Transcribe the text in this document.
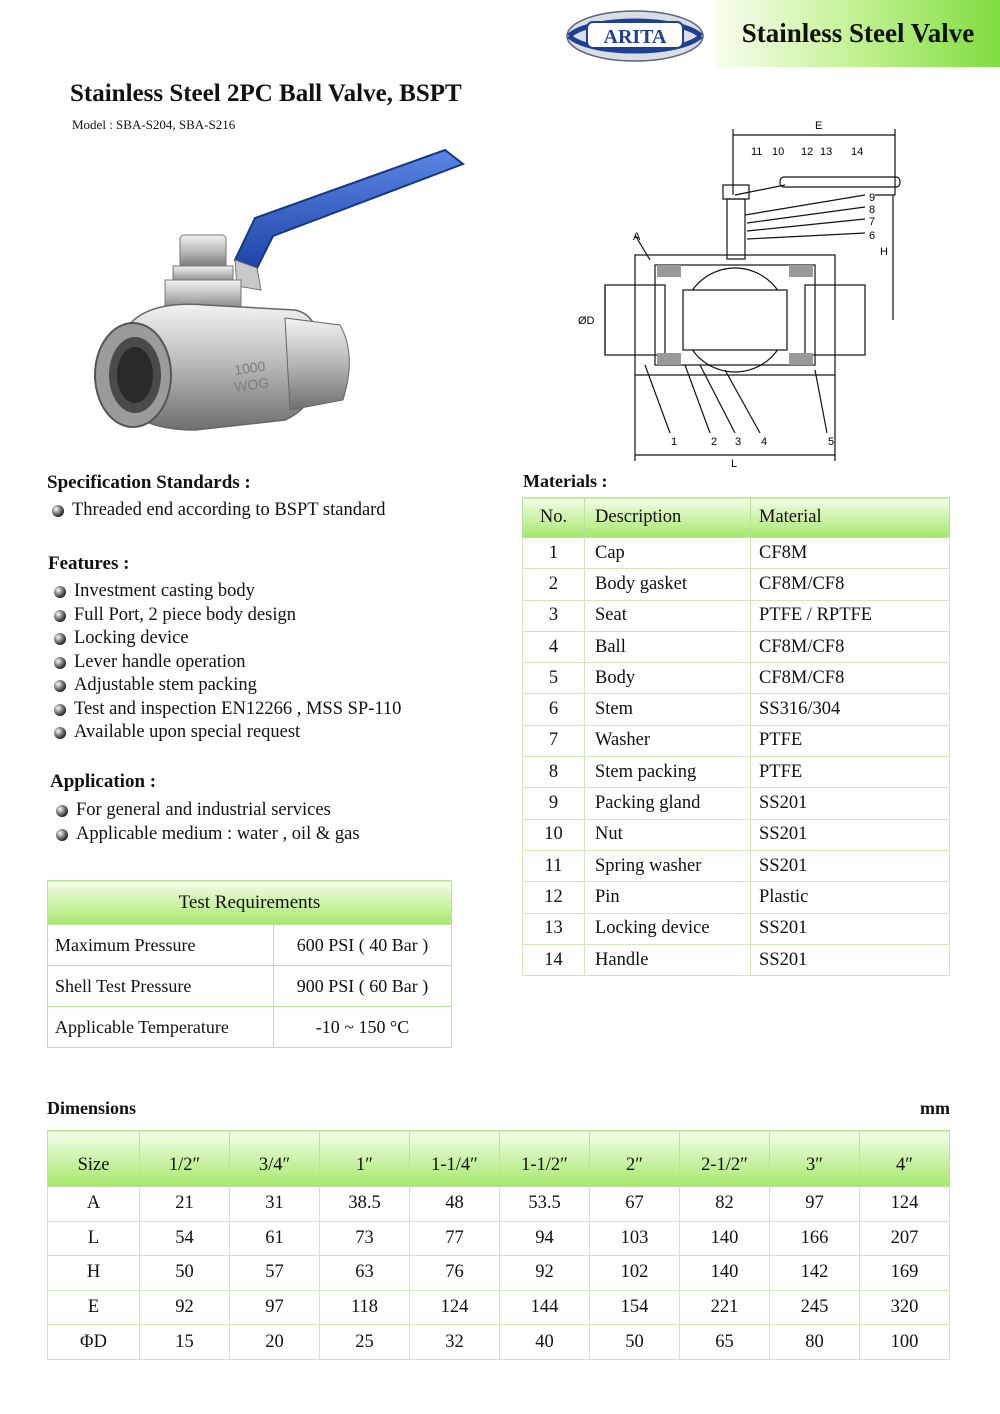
ARITA	Stainless Steel Valve
Stainless Steel 2PC Ball Valve, BSPT
Model : SBA-S204, SBA-S216
1000
WOG
E
H
A
ØD
L
11 10 12 13 14
9
8
7
6
1	2 3 4	5
Specification Standards :
Threaded end according to BSPT standard
Features :
Investment casting body
Full Port, 2 piece body design
Locking device
Lever handle operation
Adjustable stem packing
Test and inspection EN12266 , MSS SP-110
Available upon special request
Application :
For general and industrial services
Applicable medium : water , oil & gas
Test Requirements	
Maximum Pressure	600 PSI ( 40 Bar )
Shell Test Pressure	900 PSI ( 60 Bar )
Applicable Temperature	-10 ~ 150 °C
Materials :
No.	Description	Material
1	Cap	CF8M
2	Body gasket	CF8M/CF8
3	Seat	PTFE / RPTFE
4	Ball	CF8M/CF8
5	Body	CF8M/CF8
6	Stem	SS316/304
7	Washer	PTFE
8	Stem packing	PTFE
9	Packing gland	SS201
10	Nut	SS201
11	Spring washer	SS201
12	Pin	Plastic
13	Locking device	SS201
14	Handle	SS201
Dimensions	mm
Size	1/2″	3/4″	1″	1-1/4″	1-1/2″	2″	2-1/2″	3″	4″
A	21	31	38.5	48	53.5	67	82	97	124
L	54	61	73	77	94	103	140	166	207
H	50	57	63	76	92	102	140	142	169
E	92	97	118	124	144	154	221	245	320
ΦD	15	20	25	32	40	50	65	80	100
